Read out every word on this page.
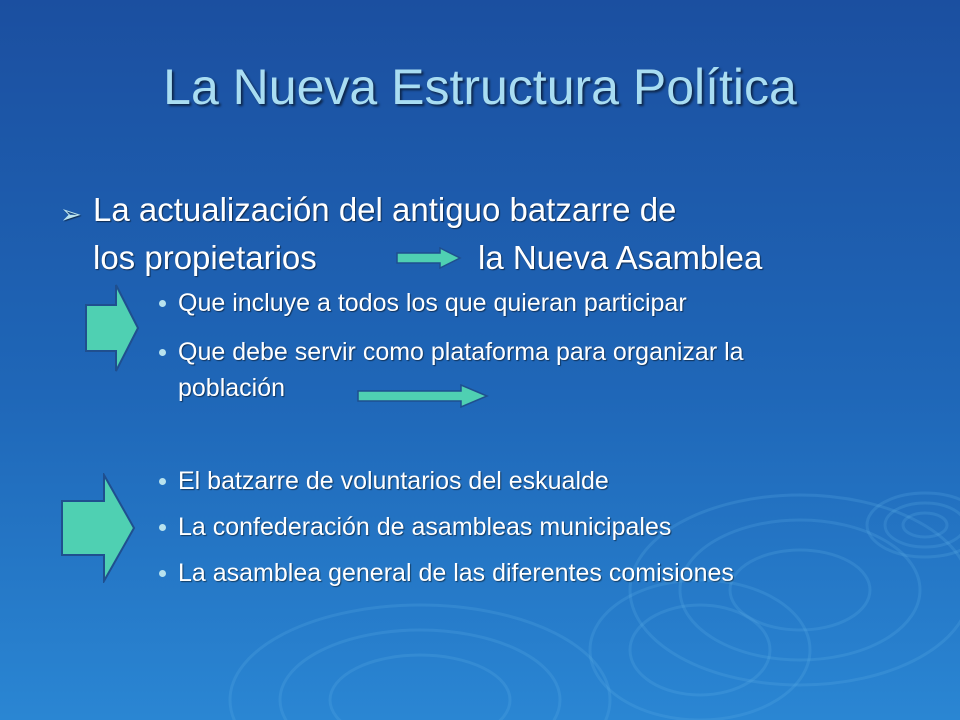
La Nueva Estructura Política
➢ La actualización del antiguo batzarre de
los propietarios	la Nueva Asamblea
Que incluye a todos los que quieran participar
Que debe servir como plataforma para organizar la
población
El batzarre de voluntarios del eskualde
La confederación de asambleas municipales
La asamblea general de las diferentes comisiones
